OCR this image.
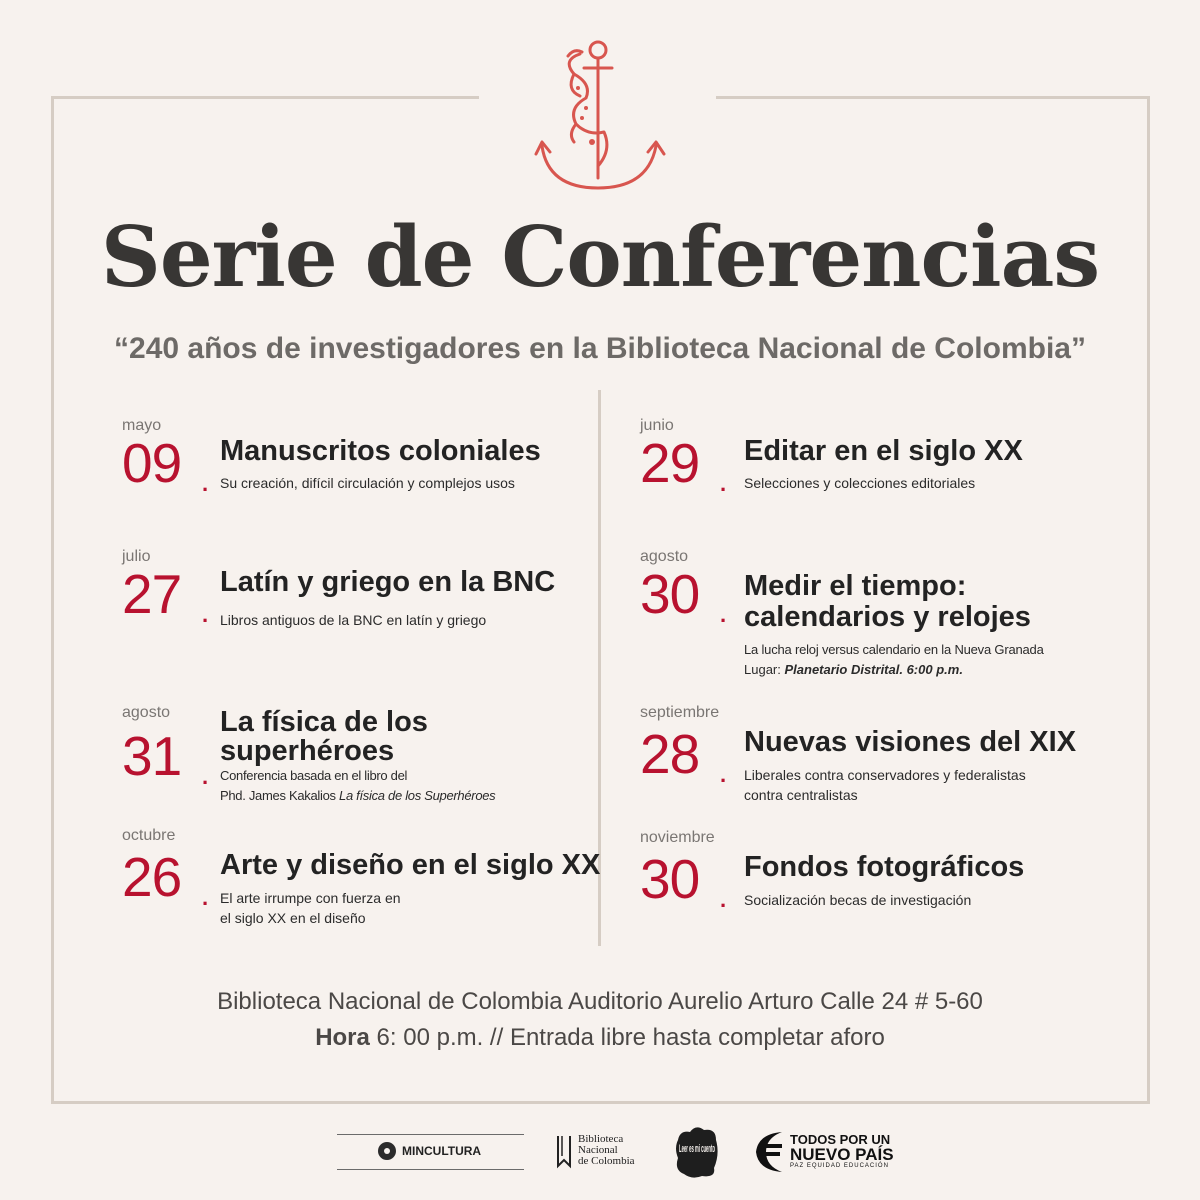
Serie de Conferencias
“240 años de investigadores en la Biblioteca Nacional de Colombia”
mayo
09 .
Manuscritos coloniales
Su creación, difícil circulación y complejos usos
julio
27 .
Latín y griego en la BNC
Libros antiguos de la BNC en latín y griego
agosto
31 .
La física de los
superhéroes
Conferencia basada en el libro del
Phd. James Kakalios La física de los Superhéroes
octubre
26 .
Arte y diseño en el siglo XX
El arte irrumpe con fuerza en
el siglo XX en el diseño
junio
29 .
Editar en el siglo XX
Selecciones y colecciones editoriales
agosto
30 .
Medir el tiempo:
calendarios y relojes
La lucha reloj versus calendario en la Nueva Granada
Lugar: Planetario Distrital. 6:00 p.m.
septiembre
28 .
Nuevas visiones del XIX
Liberales contra conservadores y federalistas
contra centralistas
noviembre
30 .
Fondos fotográficos
Socialización becas de investigación
Biblioteca Nacional de Colombia Auditorio Aurelio Arturo Calle 24 # 5-60
Hora 6: 00 p.m. // Entrada libre hasta completar aforo
MINCULTURA
Biblioteca
Nacional
de Colombia
Leer es mi cuento
TODOS POR UN
NUEVO PAÍS
PAZ EQUIDAD EDUCACIÓN
